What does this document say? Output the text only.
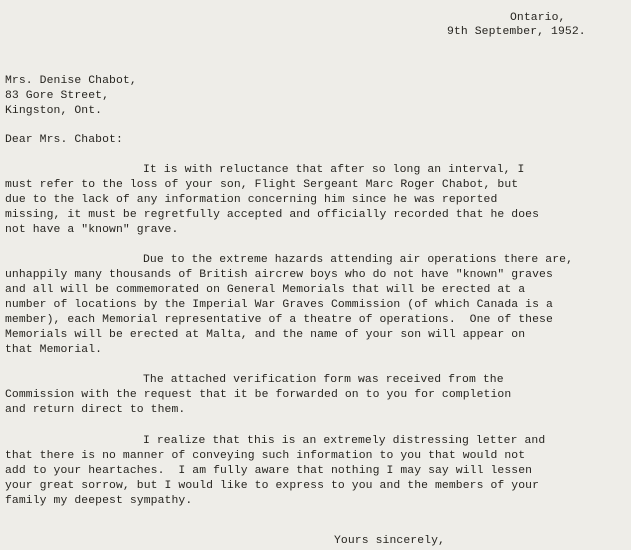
Ontario,
9th September, 1952.
Mrs. Denise Chabot,
83 Gore Street,
Kingston, Ont.
Dear Mrs. Chabot:
It is with reluctance that after so long an interval, I
must refer to the loss of your son, Flight Sergeant Marc Roger Chabot, but
due to the lack of any information concerning him since he was reported
missing, it must be regretfully accepted and officially recorded that he does
not have a "known" grave.
Due to the extreme hazards attending air operations there are,
unhappily many thousands of British aircrew boys who do not have "known" graves
and all will be commemorated on General Memorials that will be erected at a
number of locations by the Imperial War Graves Commission (of which Canada is a
member), each Memorial representative of a theatre of operations.  One of these
Memorials will be erected at Malta, and the name of your son will appear on
that Memorial.
The attached verification form was received from the
Commission with the request that it be forwarded on to you for completion
and return direct to them.
I realize that this is an extremely distressing letter and
that there is no manner of conveying such information to you that would not
add to your heartaches.  I am fully aware that nothing I may say will lessen
your great sorrow, but I would like to express to you and the members of your
family my deepest sympathy.
Yours sincerely,
